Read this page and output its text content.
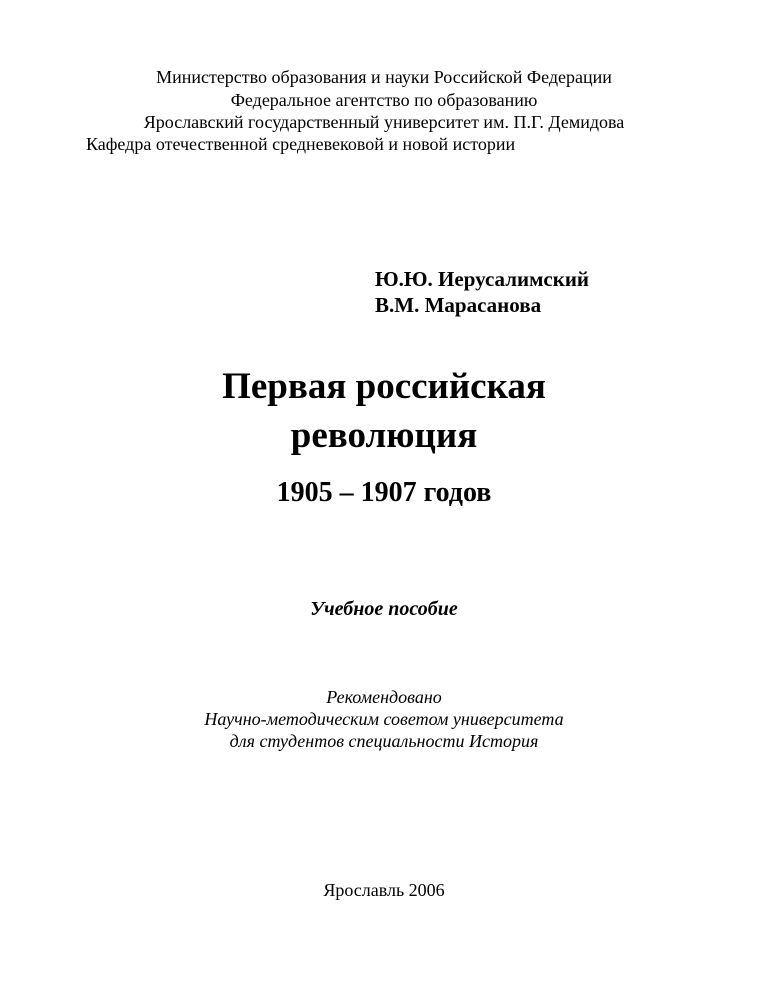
Министерство образования и науки Российской Федерации

Федеральное агентство по образованию

Ярославский государственный университет им. П.Г. Демидова

Кафедра отечественной средневековой и новой истории

Ю.Ю. Иерусалимский

В.М. Марасанова

Первая российская

революция

1905 – 1907 годов

Учебное пособие

Рекомендовано

Научно-методическим советом университета

для студентов специальности История

Ярославль 2006
